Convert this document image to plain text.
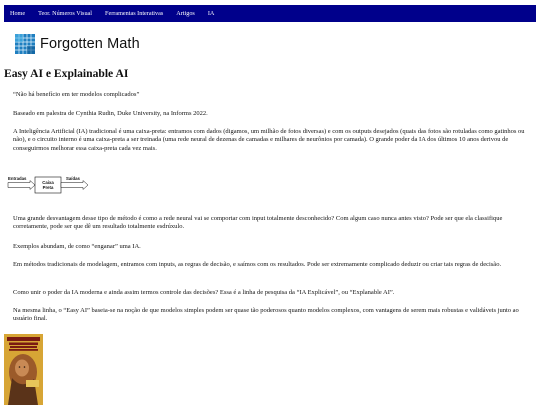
Home Teor. Números Visual Ferramentas Interativas Artigos IA
Forgotten Math
Easy AI e Explainable AI

“Não há benefício em ter modelos complicados”

Baseado em palestra de Cynthia Rudin, Duke University, na Informs 2022.

A Inteligência Artificial (IA) tradicional é uma caixa-preta: entramos com dados (digamos, um milhão de fotos diversas) e com os outputs desejados (quais das fotos são rotuladas como gatinhos ou não), e o circuito interno é uma caixa-preta a ser treinada (uma rede neural de dezenas de camadas e milhares de neurônios por camada). O grande poder da IA dos últimos 10 anos derivou de conseguirmos melhorar essa caixa-preta cada vez mais.

Entradas
Caixa
Preta
Saídas

Uma grande desvantagem desse tipo de método é como a rede neural vai se comportar com input totalmente desconhecido? Com algum caso nunca antes visto? Pode ser que ela classifique corretamente, pode ser que dê um resultado totalmente esdrúxulo.

Exemplos abundam, de como “enganar” uma IA.

Em métodos tradicionais de modelagem, entramos com inputs, as regras de decisão, e saímos com os resultados. Pode ser extremamente complicado deduzir ou criar tais regras de decisão.

Como unir o poder da IA moderna e ainda assim termos controle das decisões? Essa é a linha de pesquisa da “IA Explicável”, ou “Explanable AI”.

Na mesma linha, o “Easy AI” baseia-se na noção de que modelos simples podem ser quase tão poderosos quanto modelos complexos, com vantagens de serem mais robustas e validáveis junto ao usuário final.
